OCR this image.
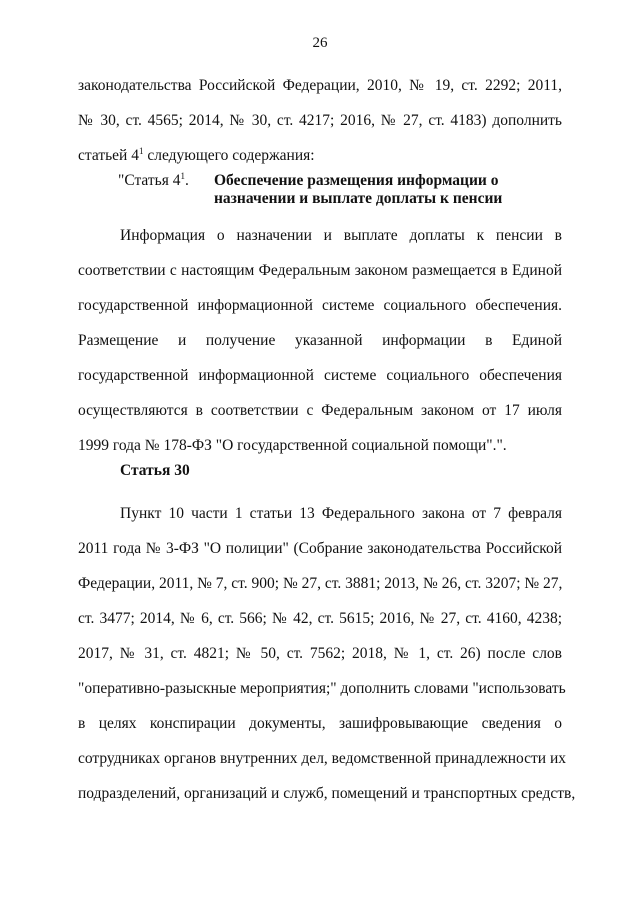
26
законодательства Российской Федерации, 2010, № 19, ст. 2292; 2011,
№ 30, ст. 4565; 2014, № 30, ст. 4217; 2016, № 27, ст. 4183) дополнить
статьей $4^1$ следующего содержания:
"Статья $4^1$. Обеспечение размещения информации о
назначении и выплате доплаты к пенсии
Информация о назначении и выплате доплаты к пенсии в
соответствии с настоящим Федеральным законом размещается в Единой
государственной информационной системе социального обеспечения.
Размещение и получение указанной информации в Единой
государственной информационной системе социального обеспечения
осуществляются в соответствии с Федеральным законом от 17 июля
1999 года № 178-ФЗ "О государственной социальной помощи".".
Статья 30
Пункт 10 части 1 статьи 13 Федерального закона от 7 февраля
2011 года № 3-ФЗ "О полиции" (Собрание законодательства Российской
Федерации, 2011, № 7, ст. 900; № 27, ст. 3881; 2013, № 26, ст. 3207; № 27,
ст. 3477; 2014, № 6, ст. 566; № 42, ст. 5615; 2016, № 27, ст. 4160, 4238;
2017, № 31, ст. 4821; № 50, ст. 7562; 2018, № 1, ст. 26) после слов
"оперативно-разыскные мероприятия;" дополнить словами "использовать
в целях конспирации документы, зашифровывающие сведения о
сотрудниках органов внутренних дел, ведомственной принадлежности их
подразделений, организаций и служб, помещений и транспортных средств,
